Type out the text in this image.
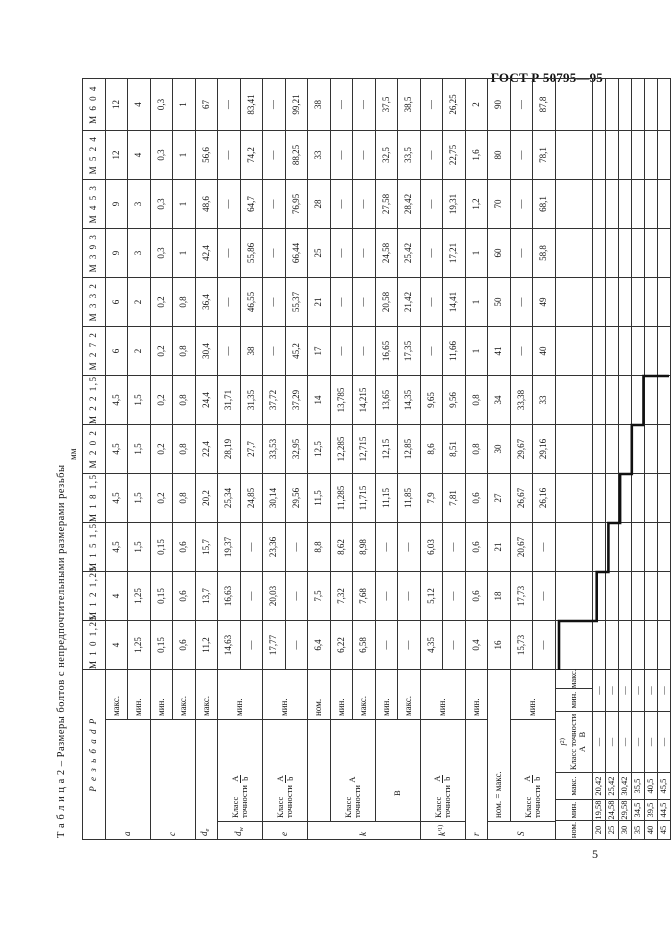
ГОСТ Р 50795—95
Т а б л и ц а 2 – Размеры болтов с непредпочтительными размерами резьбы
мм
Р е з ь б а d P	M 1 0 1,25	M 1 2 1,25	M 1 5 1,5	M 1 8 1,5	M 2 0 2	M 2 2 1,5	M 2 7 2	M 3 3 2	M 3 9 3	M 4 5 3	M 5 2 4	M 6 0 4
a	макс.	4	4	4,5	4,5	4,5	4,5	6	6	9	9	12	12
мин.	1,25	1,25	1,5	1,5	1,5	1,5	2	2	3	3	4	4
c	мин.	0,15	0,15	0,15	0,2	0,2	0,2	0,2	0,2	0,3	0,3	0,3	0,3
макс.	0,6	0,6	0,6	0,8	0,8	0,8	0,8	0,8	1	1	1	1
$d_e$	макс.	11,2	13,7	15,7	20,2	22,4	24,4	30,4	36,4	42,4	48,6	56,6	67
$d_w$	Класс
точности
A b
	мин.	14,63	16,63	19,37	25,34	28,19	31,71	—	—	—	—	—	—
—	—	—	24,85	27,7	31,35	38	46,55	55,86	64,7	74,2	83,41
e	Класс
точности
A b
	мин.	17,77	20,03	23,36	30,14	33,53	37,72	—	—	—	—	—	—
—	—	—	29,56	32,95	37,29	45,2	55,37	66,44	76,95	88,25	99,21
k		ном.	6,4	7,5	8,8	11,5	12,5	14	17	21	25	28	33	38
Класс
точности A	мин.	6,22	7,32	8,62	11,285	12,285	13,785	—	—	—	—	—	—
макс.	6,58	7,68	8,98	11,715	12,715	14,215	—	—	—	—	—	—
B	мин.	—	—	—	11,15	12,15	13,65	16,65	20,58	24,58	27,58	32,5	37,5
макс.	—	—	—	11,85	12,85	14,35	17,35	21,42	25,42	28,42	33,5	38,5
$k'^{1)}$	Класс
точности
A b
	мин.	4,35	5,12	6,03	7,9	8,6	9,65	—	—	—	—	—	—
—	—	—	7,81	8,51	9,56	11,66	14,41	17,21	19,31	22,75	26,25
r	мин.	0,4	0,6	0,6	0,6	0,8	0,8	1	1	1	1,2	1,6	2
S	ном. = макс.	16	18	21	27	30	34	41	50	60	70	80	90
Класс
точности
A b
	мин.	15,73	17,73	20,67	26,67	29,67	33,38	—	—	—	—	—	—
—	—	—	26,16	29,16	33	40	49	58,8	68,1	78,1	87,8

ном.	мин.	макс.	$l^{2)}$ Класс точности
A    B	мин.	макс.

20	19,58	20,42	—	—

25	24,58	25,42	—	—

30	29,58	30,42	—	—

35	34,5	35,5	—	—

40	39,5	40,5	—	—

45	44,5	45,5	—	—

5
